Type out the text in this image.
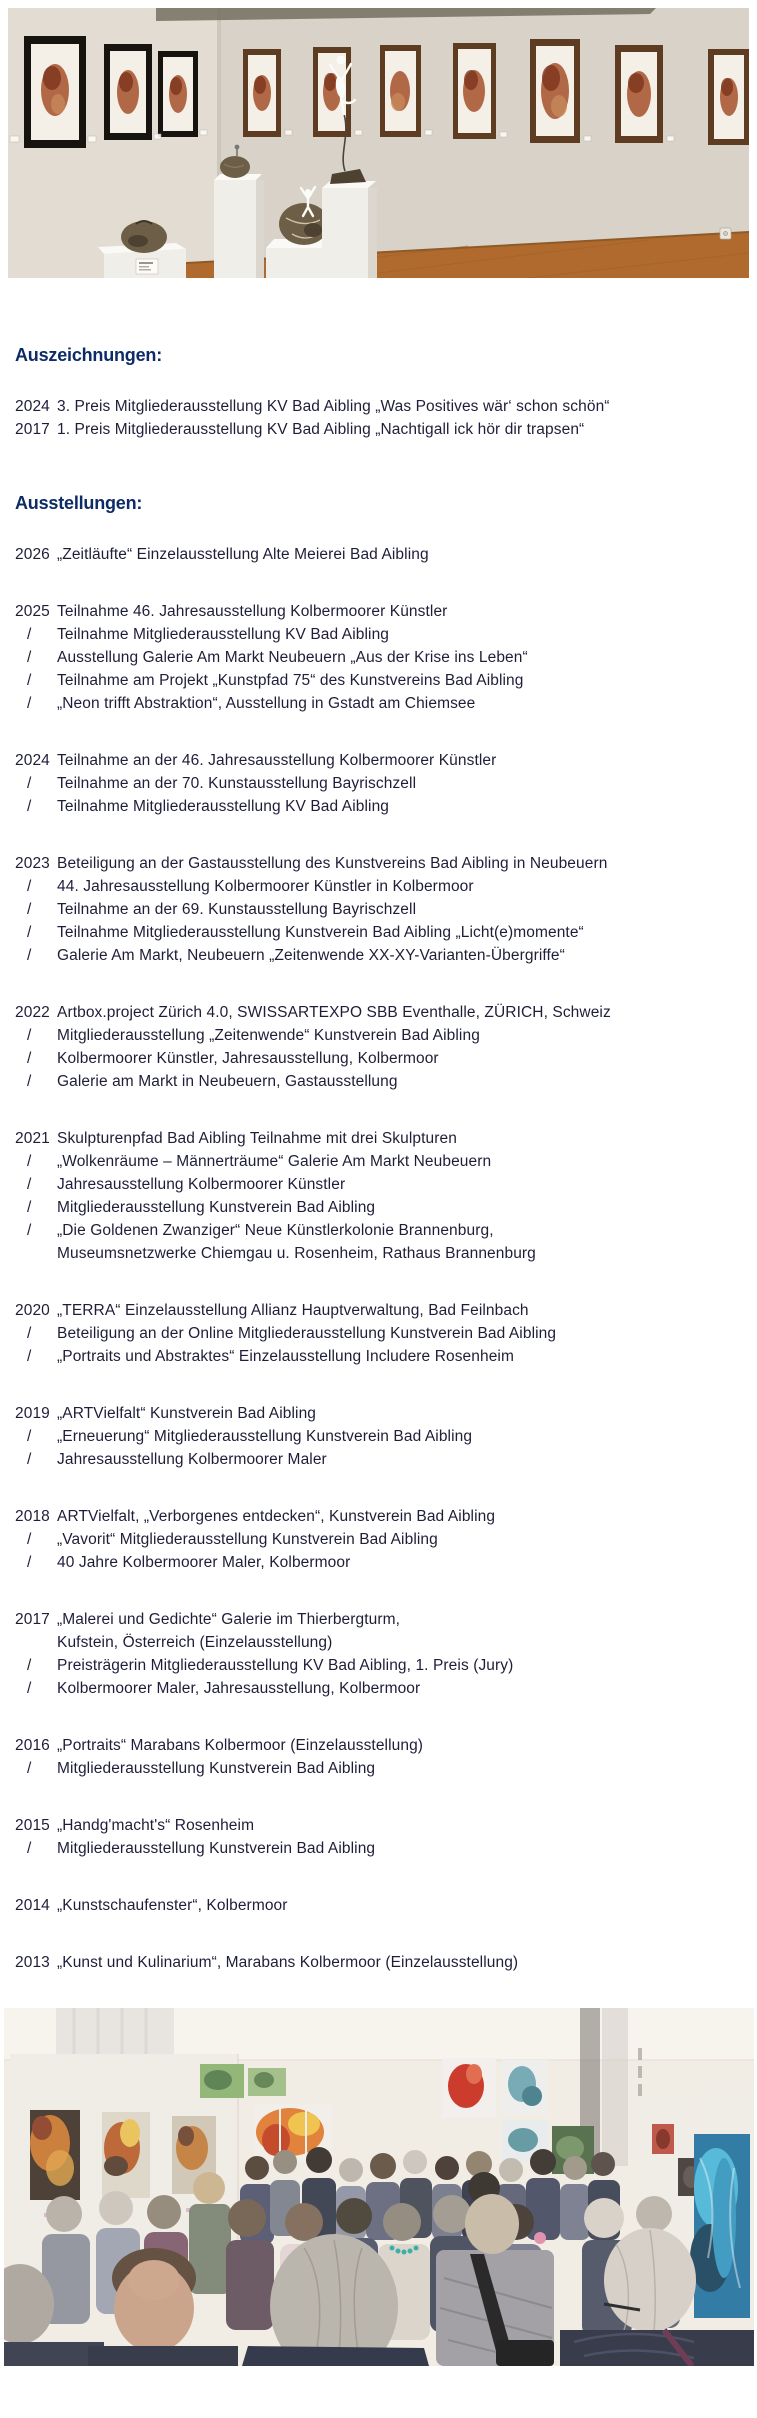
Auszeichnungen:
2024 3. Preis Mitgliederausstellung KV Bad Aibling „Was Positives wär‘ schon schön“
2017 1. Preis Mitgliederausstellung KV Bad Aibling „Nachtigall ick hör dir trapsen“
Ausstellungen:
2026 „Zeitläufte“ Einzelausstellung Alte Meierei Bad Aibling
2025 Teilnahme 46. Jahresausstellung Kolbermoorer Künstler
/	Teilnahme Mitgliederausstellung KV Bad Aibling
/	Ausstellung Galerie Am Markt Neubeuern „Aus der Krise ins Leben“
/	Teilnahme am Projekt „Kunstpfad 75“ des Kunstvereins Bad Aibling
/	„Neon trifft Abstraktion“, Ausstellung in Gstadt am Chiemsee
2024 Teilnahme an der 46. Jahresausstellung Kolbermoorer Künstler
/	Teilnahme an der 70. Kunstausstellung Bayrischzell
/	Teilnahme Mitgliederausstellung KV Bad Aibling
2023 Beteiligung an der Gastausstellung des Kunstvereins Bad Aibling in Neubeuern
/	44. Jahresausstellung Kolbermoorer Künstler in Kolbermoor
/	Teilnahme an der 69. Kunstausstellung Bayrischzell
/	Teilnahme Mitgliederausstellung Kunstverein Bad Aibling „Licht(e)momente“
/	Galerie Am Markt, Neubeuern „Zeitenwende XX-XY-Varianten-Übergriffe“
2022 Artbox.project Zürich 4.0, SWISSARTEXPO SBB Eventhalle, ZÜRICH, Schweiz
/	Mitgliederausstellung „Zeitenwende“ Kunstverein Bad Aibling
/	Kolbermoorer Künstler, Jahresausstellung, Kolbermoor
/	Galerie am Markt in Neubeuern, Gastausstellung
2021 Skulpturenpfad Bad Aibling Teilnahme mit drei Skulpturen
/	„Wolkenräume – Männerträume“ Galerie Am Markt Neubeuern
/	Jahresausstellung Kolbermoorer Künstler
/	Mitgliederausstellung Kunstverein Bad Aibling
/	„Die Goldenen Zwanziger“ Neue Künstlerkolonie Brannenburg,
Museumsnetzwerke Chiemgau u. Rosenheim, Rathaus Brannenburg
2020 „TERRA“ Einzelausstellung Allianz Hauptverwaltung, Bad Feilnbach
/	Beteiligung an der Online Mitgliederausstellung Kunstverein Bad Aibling
/	„Portraits und Abstraktes“ Einzelausstellung Includere Rosenheim
2019 „ARTVielfalt“ Kunstverein Bad Aibling
/	„Erneuerung“ Mitgliederausstellung Kunstverein Bad Aibling
/	Jahresausstellung Kolbermoorer Maler
2018 ARTVielfalt, „Verborgenes entdecken“, Kunstverein Bad Aibling
/	„Vavorit“ Mitgliederausstellung Kunstverein Bad Aibling
/	40 Jahre Kolbermoorer Maler, Kolbermoor
2017 „Malerei und Gedichte“ Galerie im Thierbergturm,
Kufstein, Österreich (Einzelausstellung)
/	Preisträgerin Mitgliederausstellung KV Bad Aibling, 1. Preis (Jury)
/	Kolbermoorer Maler, Jahresausstellung, Kolbermoor
2016 „Portraits“ Marabans Kolbermoor (Einzelausstellung)
/	Mitgliederausstellung Kunstverein Bad Aibling
2015 „Handg'macht's“ Rosenheim
/	Mitgliederausstellung Kunstverein Bad Aibling
2014 „Kunstschaufenster“, Kolbermoor
2013 „Kunst und Kulinarium“, Marabans Kolbermoor (Einzelausstellung)
